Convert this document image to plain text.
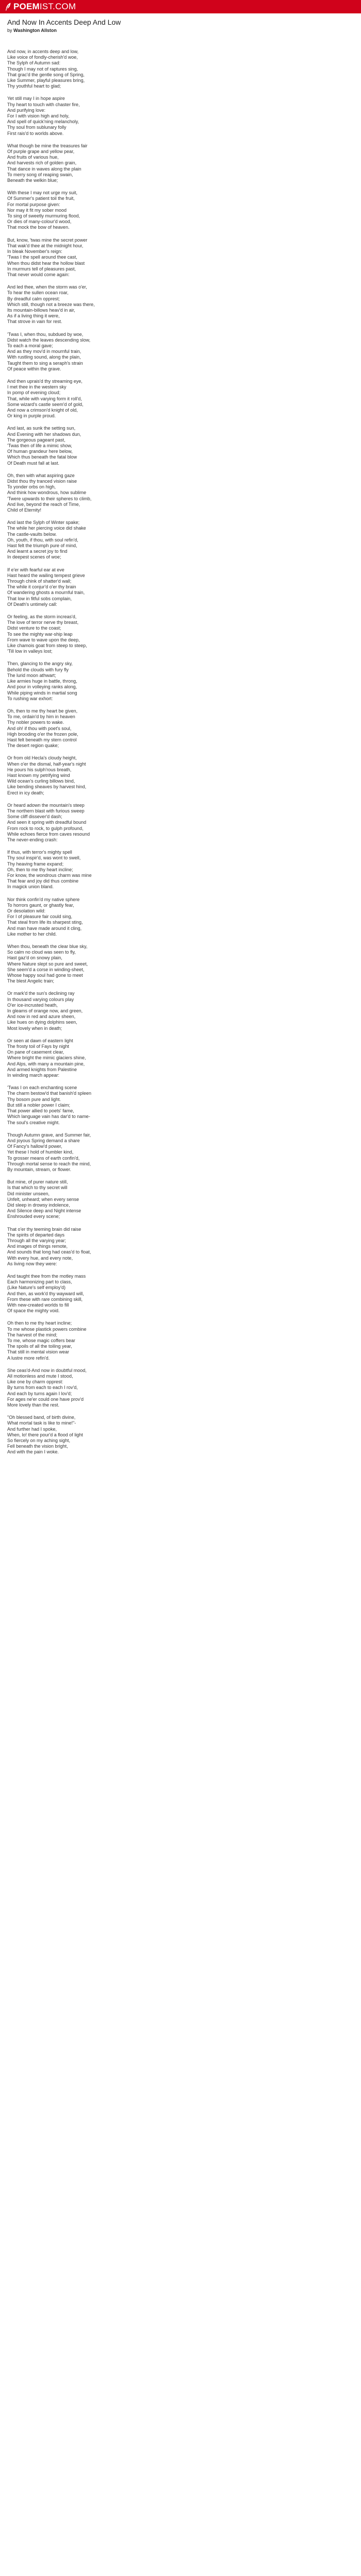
POEM IST.COM
And Now In Accents Deep And Low
by Washington Allston

And now, in accents deep and low,
Like voice of fondly-cherish'd woe,
The Sylph of Autumn sad:
Though I may not of raptures sing,
That grac'd the gentle song of Spring,
Like Summer, playful pleasures bring,
Thy youthful heart to glad;

Yet still may I in hope aspire
Thy heart to touch with chaster fire,
And purifying love:
For I with vision high and holy,
And spell of quick'ning melancholy,
Thy soul from sublunary folly
First rais'd to worlds above.

What though be mine the treasures fair
Of purple grape and yellow pear,
And fruits of various hue,
And harvests rich of golden grain,
That dance in waves along the plain
To merry song of reaping swain,
Beneath the welkin blue;

With these I may not urge my suit,
Of Summer's patient toil the fruit,
For mortal purpose given:
Nor may it fit my sober mood
To sing of sweetly murmuring flood,
Or dies of many-colour'd wood,
That mock the bow of heaven.

But, know, 'twas mine the secret power
That wak'd thee at the midnight hour,
In bleak November's reign:
'Twas I the spell around thee cast,
When thou didst hear the hollow blast
In murmurs tell of pleasures past,
That never would come again:

And led thee, when the storm was o'er,
To hear the sullen ocean roar,
By dreadful calm opprest;
Which still, though not a breeze was there,
Its mountain-billows heav'd in air,
As if a living thing it were,
That strove in vain for rest.

'Twas I, when thou, subdued by woe,
Didst watch the leaves descending slow,
To each a moral gave;
And as they mov'd in mournful train,
With rustling sound, along the plain,
Taught them to sing a seraph's strain
Of peace within the grave.

And then uprais'd thy streaming eye,
I met thee in the western sky
In pomp of evening cloud;
That, while with varying form it roll'd,
Some wizard's castle seem'd of gold,
And now a crimson'd knight of old,
Or king in purple proud.

And last, as sunk the setting sun,
And Evening with her shadows dun,
The gorgeous pageant past,
'Twas then of life a mimic show,
Of human grandeur here below,
Which thus beneath the fatal blow
Of Death must fall at last.

Oh, then with what aspiring gaze
Didst thou thy tranced vision raise
To yonder orbs on high,
And think how wondrous, how sublime
'Twere upwards to their spheres to climb,
And live, beyond the reach of Time,
Child of Eternity!

And last the Sylph of Winter spake;
The while her piercing voice did shake
The castle-vaults below.
Oh, youth, if thou, with soul refin'd,
Hast felt the triumph pure of mind,
And learnt a secret joy to find
In deepest scenes of woe;

If e'er with fearful ear at eve
Hast heard the wailing tempest grieve
Through chink of shatter'd wall;
The while it conjur'd o'er thy brain
Of wandering ghosts a mournful train,
That low in fitful sobs complain,
Of Death's untimely call:

Or feeling, as the storm increas'd,
The love of terror nerve thy breast,
Didst venture to the coast;
To see the mighty war-ship leap
From wave to wave upon the deep,
Like chamois goat from steep to steep,
'Till low in valleys lost;

Then, glancing to the angry sky,
Behold the clouds with fury fly
The lurid moon athwart;
Like armies huge in battle, throng,
And pour in volleying ranks along,
While piping winds in martial song
To rushing war exhort:

Oh, then to me thy heart be given,
To me, ordain'd by him in heaven
Thy nobler powers to wake.
And oh! if thou with poet's soul,
High brooding o'er the frozen pole,
Hast felt beneath my stern control
The desert region quake;

Or from old Hecla's cloudy height,
When o'er the dismal, half-year's night
He pours his sulph'rous breath,
Hast known my petrifying wind
Wild ocean's curling billows bind,
Like bending sheaves by harvest hind,
Erect in icy death;

Or heard adown the mountain's steep
The northern blast with furious sweep
Some cliff dissever'd dash;
And seen it spring with dreadful bound
From rock to rock, to gulph profound,
While echoes fierce from caves resound
The never-ending crash:

If thus, with terror's mighty spell
Thy soul inspir'd, was wont to swell,
Thy heaving frame expand;
Oh, then to me thy heart incline;
For know, the wondrous charm was mine
That fear and joy did thus combine
In magick union bland.

Nor think confin'd my native sphere
To horrors gaunt, or ghastly fear,
Or desolation wild:
For I of pleasure fair could sing,
That steal from life its sharpest sting,
And man have made around it cling,
Like mother to her child.

When thou, beneath the clear blue sky,
So calm no cloud was seen to fly,
Hast gaz'd on snowy plain,
Where Nature slept so pure and sweet,
She seem'd a corse in winding-sheet,
Whose happy soul had gone to meet
The blest Angelic train;

Or mark'd the sun's declining ray
In thousand varying colours play
O'er ice-incrusted heath,
In gleams of orange now, and green,
And now in red and azure sheen,
Like hues on dying dolphins seen,
Most lovely when in death;

Or seen at dawn of eastern light
The frosty toil of Fays by night
On pane of casement clear,
Where bright the mimic glaciers shine,
And Alps, with many a mountain pine,
And armed knights from Palestine
In winding march appear:

'Twas I on each enchanting scene
The charm bestow'd that banish'd spleen
Thy bosom pure and light.
But still a nobler power I claim;
That power allied to poets' fame,
Which language vain has dar'd to name-
The soul's creative might.

Though Autumn grave, and Summer fair,
And joyous Spring demand a share
Of Fancy's hallow'd power,
Yet these I hold of humbler kind,
To grosser means of earth confin'd,
Through mortal sense to reach the mind,
By mountain, stream, or flower.

But mine, of purer nature still,
Is that which to thy secret will
Did minister unseen,
Unfelt, unheard; when every sense
Did sleep in drowsy indolence,
And Silence deep and Night intense
Enshrouded every scene;

That o'er thy teeming brain did raise
The spirits of departed days
Through all the varying year;
And images of things remote,
And sounds that long had ceas'd to float,
With every hue, and every note,
As living now they were:

And taught thee from the motley mass
Each harmonizing part to class,
(Like Nature's self employ'd)
And then, as work'd thy wayward will,
From these with rare combining skill,
With new-created worlds to fill
Of space the mighty void.

Oh then to me thy heart incline;
To me whose plastick powers combine
The harvest of the mind;
To me, whose magic coffers bear
The spoils of all the toiling year,
That still in mental vision wear
A lustre more refin'd.

She ceas'd-And now in doubtful mood,
All motionless and mute I stood,
Like one by charm opprest:
By turns from each to each I rov'd,
And each by turns again I lov'd;
For ages ne'er could one have prov'd
More lovely than the rest.

"Oh blessed band, of birth divine,
What mortal task is like to mine!"-
And further had I spoke,
When, lo! there pour'd a flood of light
So fiercely on my aching sight,
Fell beneath the vision bright,
And with the pain I woke.
